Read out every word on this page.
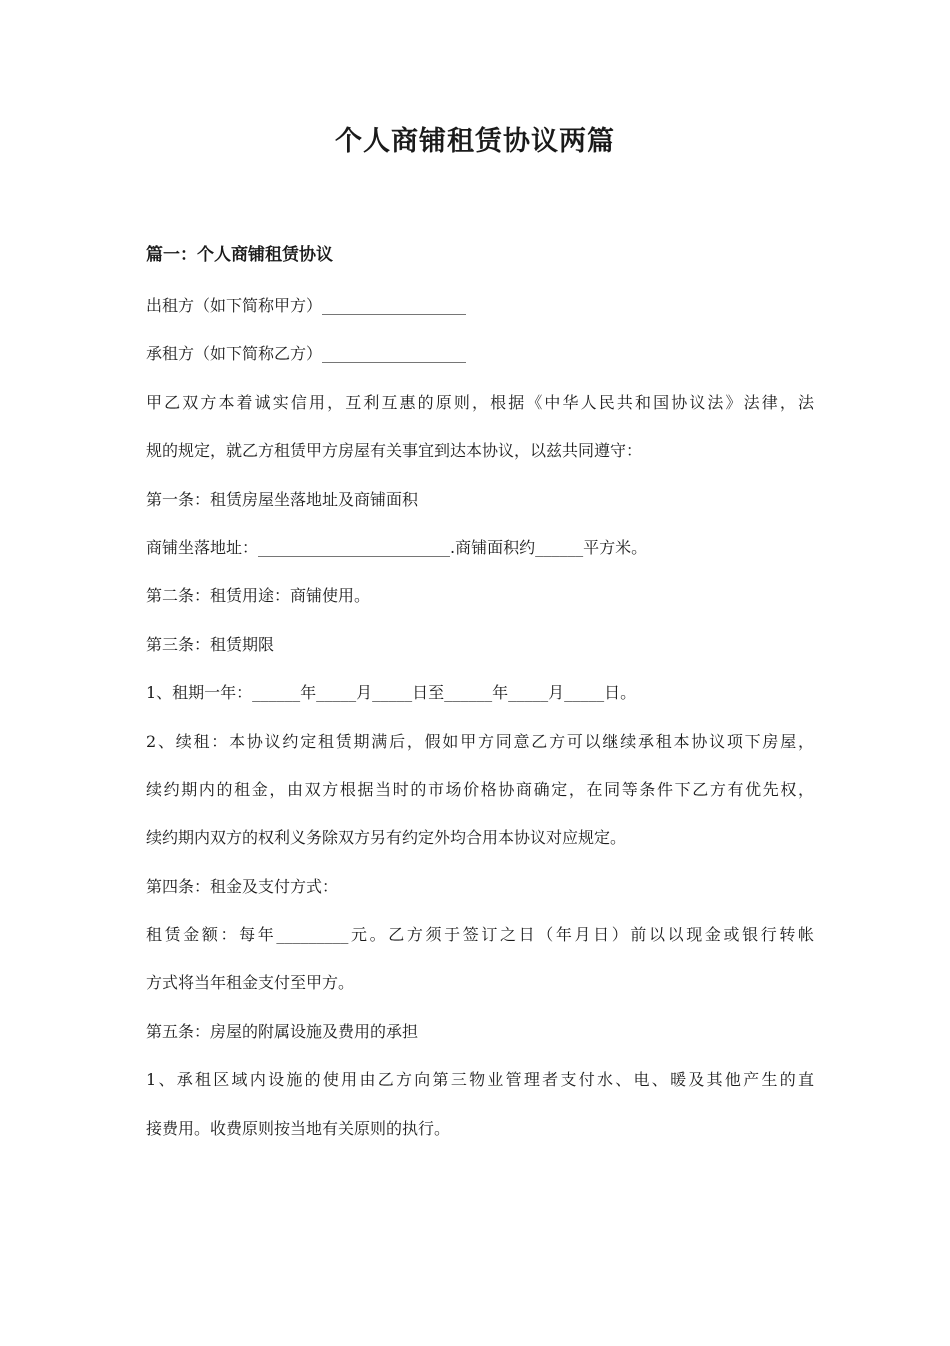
个人商铺租赁协议两篇
篇一：个人商铺租赁协议

出租方（如下简称甲方）__________________

承租方（如下简称乙方）__________________

甲乙双方本着诚实信用，互利互惠的原则，根据《中华人民共和国协议法》法律，法

规的规定，就乙方租赁甲方房屋有关事宜到达本协议，以兹共同遵守：

第一条：租赁房屋坐落地址及商铺面积

商铺坐落地址：________________________.商铺面积约______平方米。

第二条：租赁用途：商铺使用。

第三条：租赁期限

1、租期一年：______年_____月_____日至______年_____月_____日。

2、续租：本协议约定租赁期满后，假如甲方同意乙方可以继续承租本协议项下房屋，

续约期内的租金，由双方根据当时的市场价格协商确定，在同等条件下乙方有优先权，

续约期内双方的权利义务除双方另有约定外均合用本协议对应规定。

第四条：租金及支付方式：

租赁金额：每年_________元。乙方须于签订之日（年月日）前以以现金或银行转帐

方式将当年租金支付至甲方。

第五条：房屋的附属设施及费用的承担

1、承租区域内设施的使用由乙方向第三物业管理者支付水、电、暖及其他产生的直

接费用。收费原则按当地有关原则的执行。
